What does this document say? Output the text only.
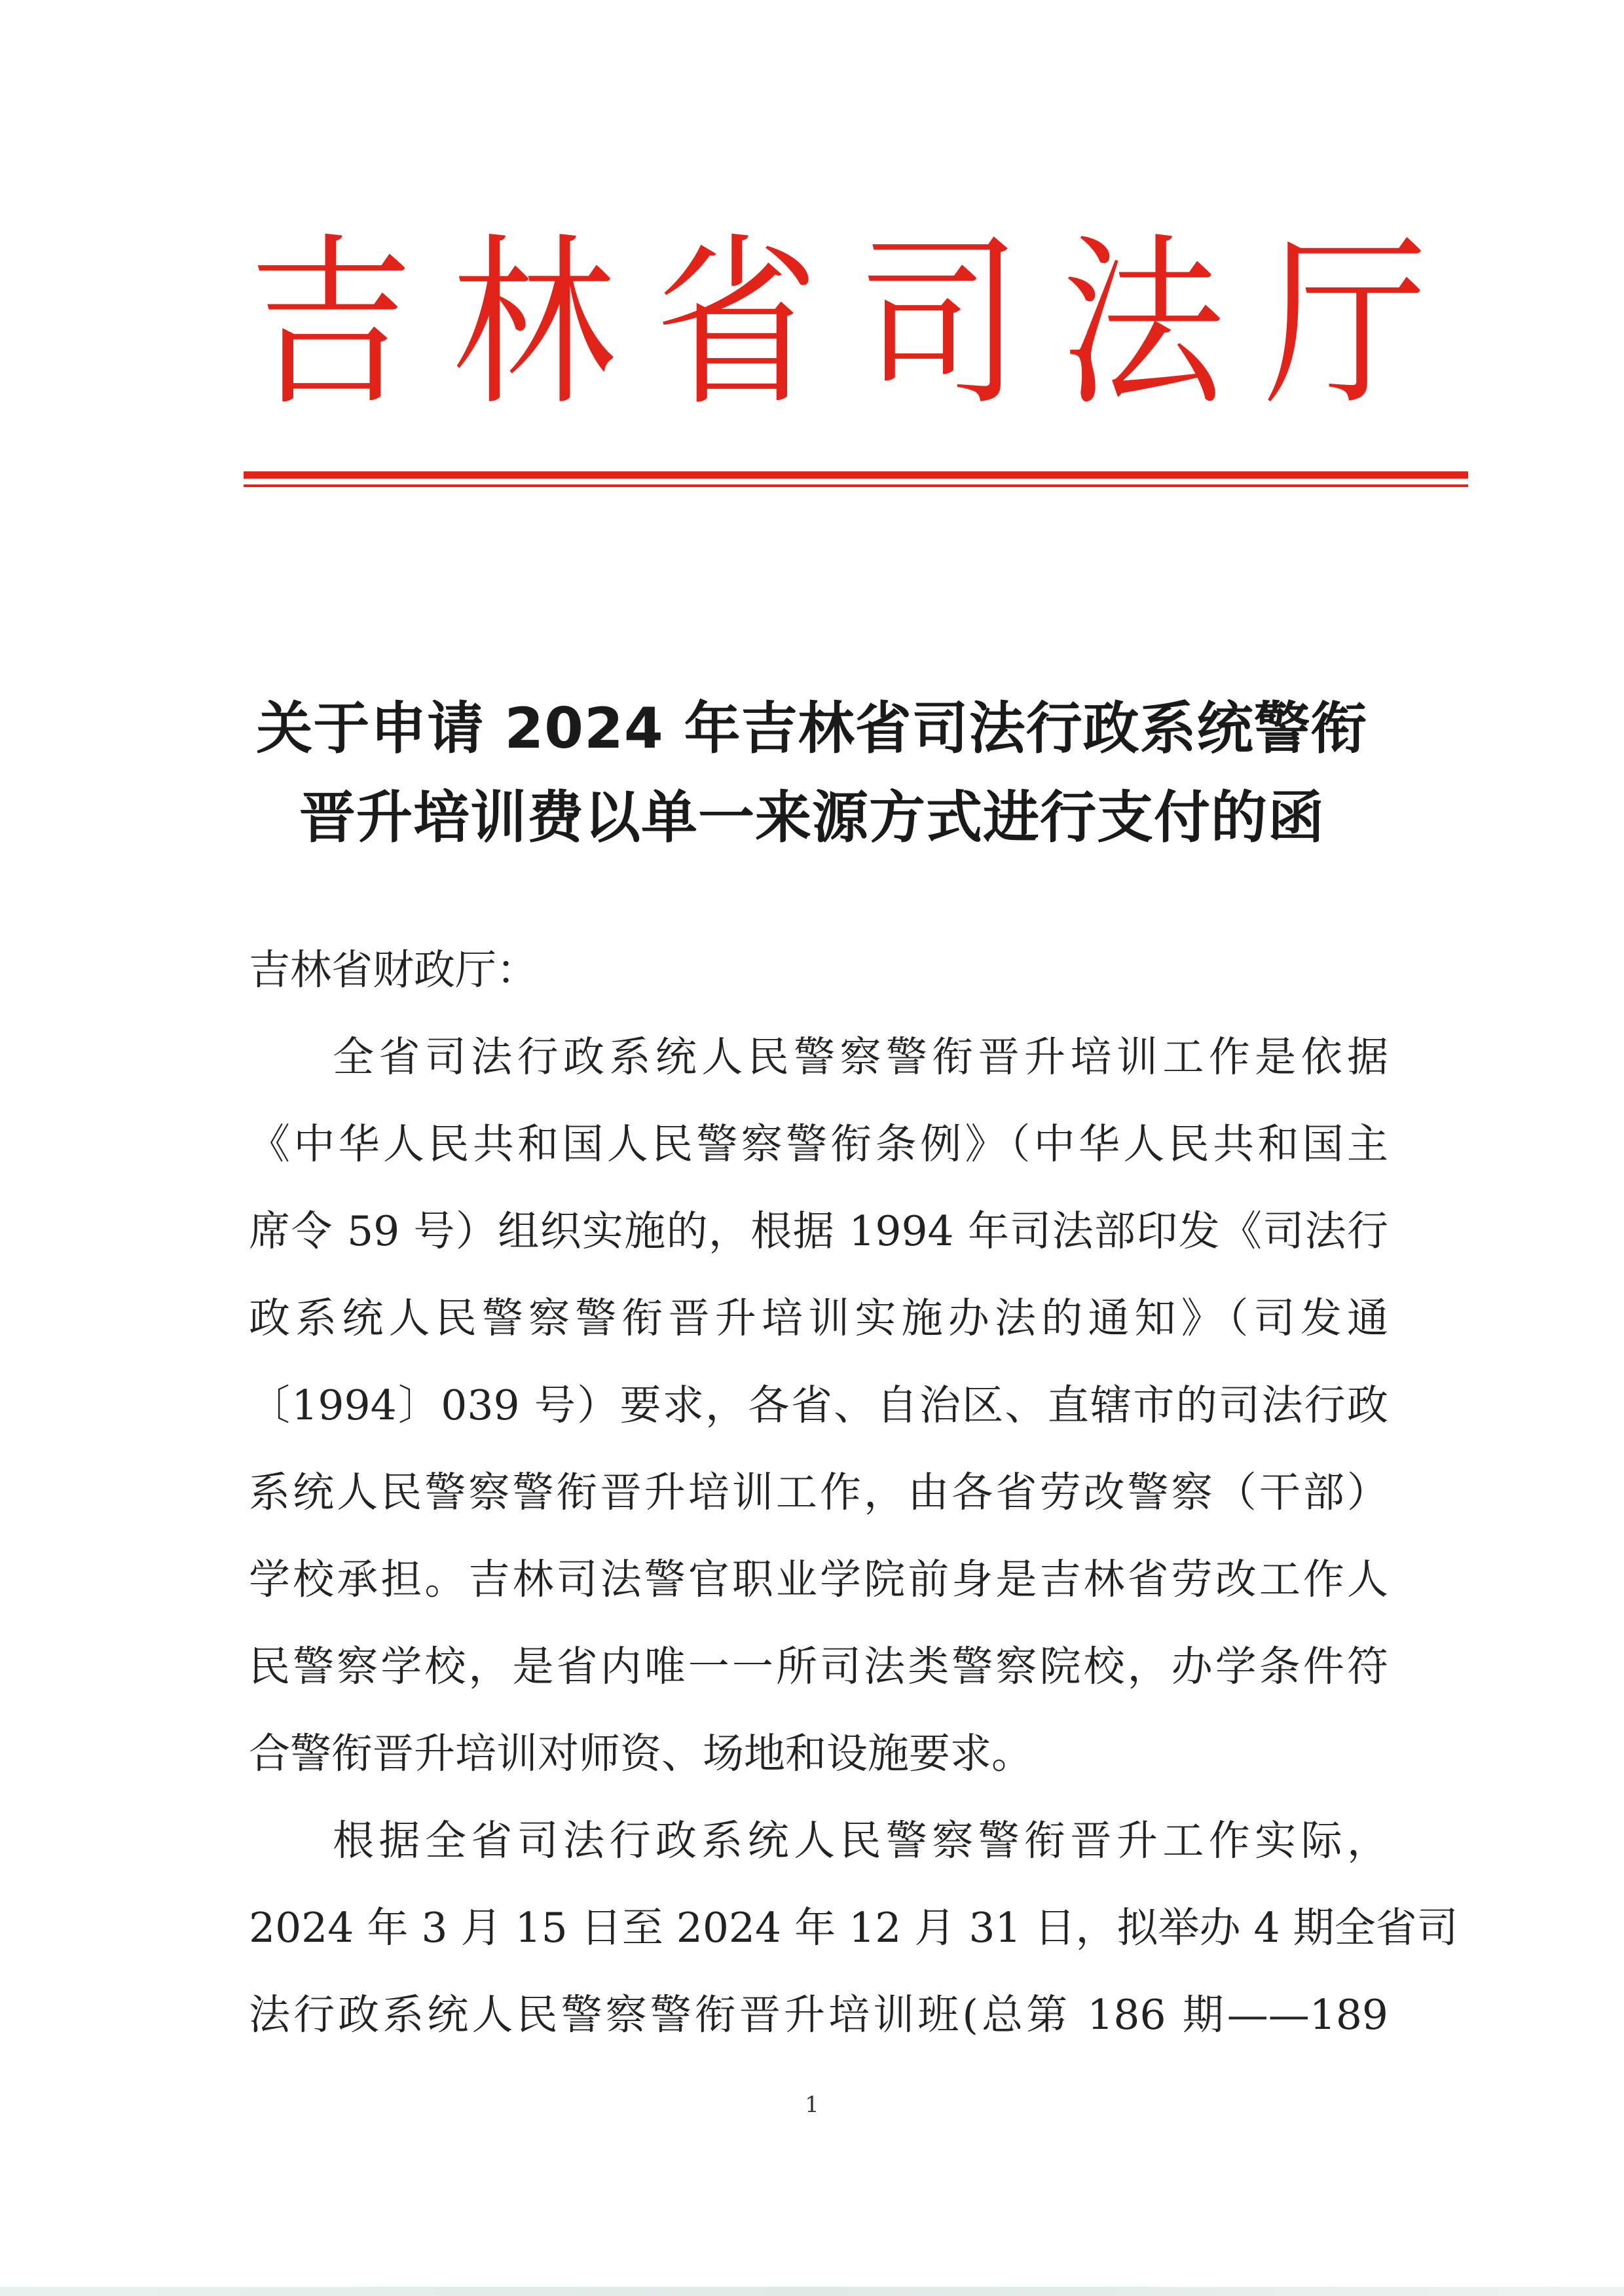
吉 林 省 司 法 厅
关于申请 2024 年吉林省司法行政系统警衔
晋升培训费以单一来源方式进行支付的函
吉林省财政厅：
全省司法行政系统人民警察警衔晋升培训工作是依据
《中华人民共和国人民警察警衔条例》（中华人民共和国主
席令 59 号）组织实施的，根据 1994 年司法部印发《司法行
政系统人民警察警衔晋升培训实施办法的通知》（司发通
〔1994〕039 号）要求，各省、自治区、直辖市的司法行政
系统人民警察警衔晋升培训工作，由各省劳改警察（干部）
学校承担。吉林司法警官职业学院前身是吉林省劳改工作人
民警察学校，是省内唯一一所司法类警察院校，办学条件符
合警衔晋升培训对师资、场地和设施要求。
根据全省司法行政系统人民警察警衔晋升工作实际，
2024 年 3 月 15 日至 2024 年 12 月 31 日，拟举办 4 期全省司
法行政系统人民警察警衔晋升培训班(总第 186 期——189
1
